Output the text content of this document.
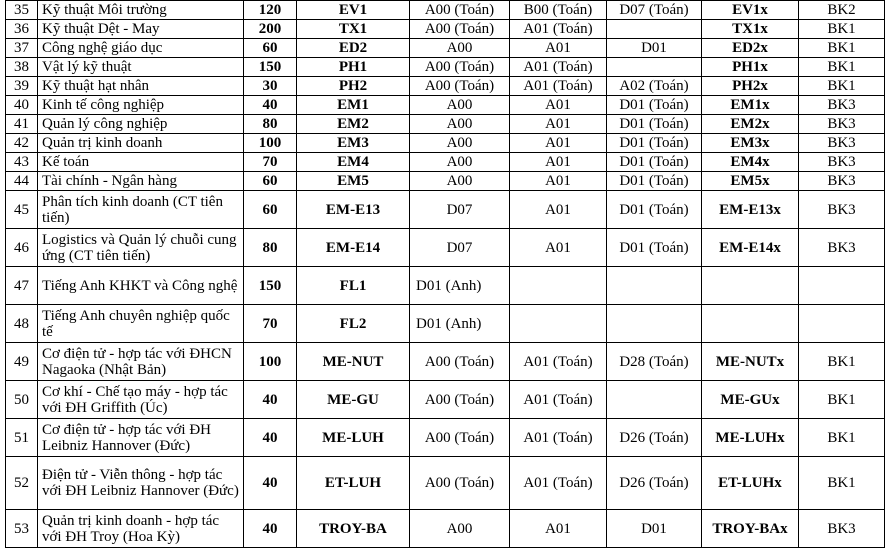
35	Kỹ thuật Môi trường	120	EV1	A00 (Toán)	B00 (Toán)	D07 (Toán)	EV1x	BK2
36	Kỹ thuật Dệt - May	200	TX1	A00 (Toán)	A01 (Toán)		TX1x	BK1
37	Công nghệ giáo dục	60	ED2	A00	A01	D01	ED2x	BK1
38	Vật lý kỹ thuật	150	PH1	A00 (Toán)	A01 (Toán)		PH1x	BK1
39	Kỹ thuật hạt nhân	30	PH2	A00 (Toán)	A01 (Toán)	A02 (Toán)	PH2x	BK1
40	Kinh tế công nghiệp	40	EM1	A00	A01	D01 (Toán)	EM1x	BK3
41	Quản lý công nghiệp	80	EM2	A00	A01	D01 (Toán)	EM2x	BK3
42	Quản trị kinh doanh	100	EM3	A00	A01	D01 (Toán)	EM3x	BK3
43	Kế toán	70	EM4	A00	A01	D01 (Toán)	EM4x	BK3
44	Tài chính - Ngân hàng	60	EM5	A00	A01	D01 (Toán)	EM5x	BK3
45	Phân tích kinh doanh (CT tiên tiến)	60	EM-E13	D07	A01	D01 (Toán)	EM-E13x	BK3
46	Logistics và Quản lý chuỗi cung ứng (CT tiên tiến)	80	EM-E14	D07	A01	D01 (Toán)	EM-E14x	BK3
47	Tiếng Anh KHKT và Công nghệ	150	FL1	D01 (Anh)				
48	Tiếng Anh chuyên nghiệp quốc tế	70	FL2	D01 (Anh)				
49	Cơ điện tử - hợp tác với ĐHCN Nagaoka (Nhật Bản)	100	ME-NUT	A00 (Toán)	A01 (Toán)	D28 (Toán)	ME-NUTx	BK1
50	Cơ khí - Chế tạo máy - hợp tác với ĐH Griffith (Úc)	40	ME-GU	A00 (Toán)	A01 (Toán)		ME-GUx	BK1
51	Cơ điện tử - hợp tác với ĐH Leibniz Hannover (Đức)	40	ME-LUH	A00 (Toán)	A01 (Toán)	D26 (Toán)	ME-LUHx	BK1
52	Điện tử - Viễn thông - hợp tác với ĐH Leibniz Hannover (Đức)	40	ET-LUH	A00 (Toán)	A01 (Toán)	D26 (Toán)	ET-LUHx	BK1
53	Quản trị kinh doanh - hợp tác với ĐH Troy (Hoa Kỳ)	40	TROY-BA	A00	A01	D01	TROY-BAx	BK3
